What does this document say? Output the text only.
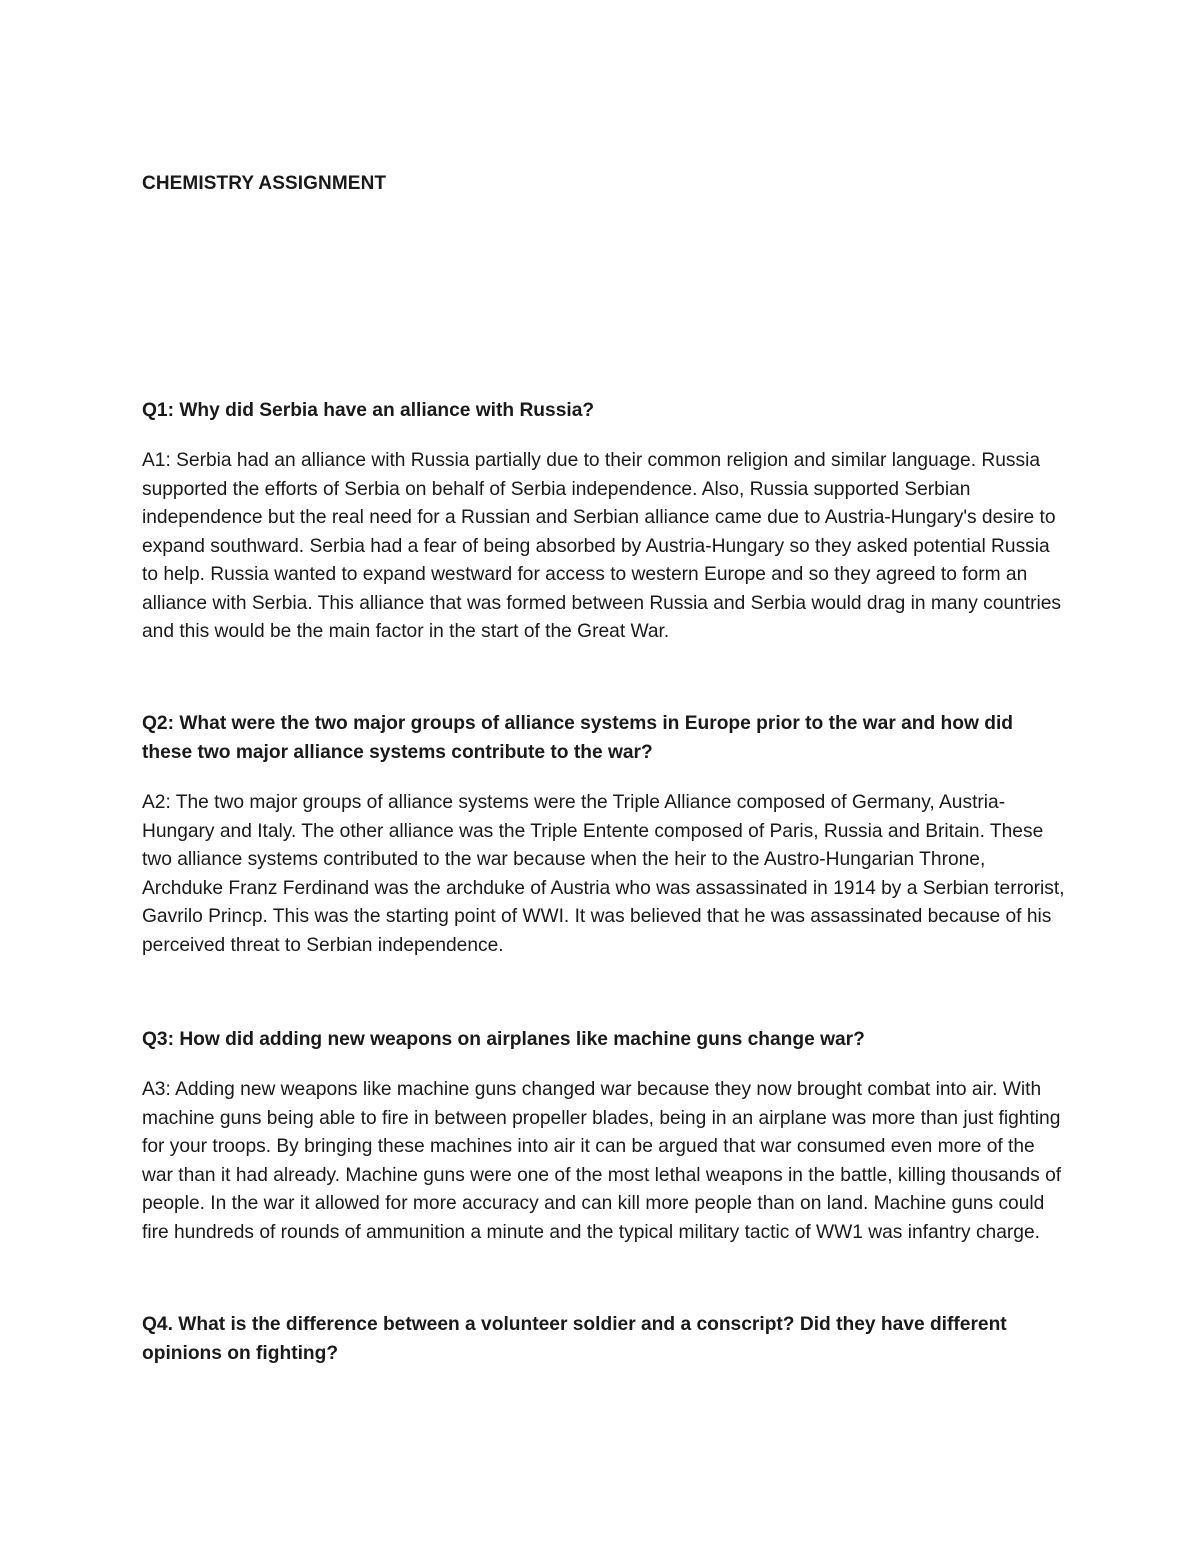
CHEMISTRY ASSIGNMENT

Q1: Why did Serbia have an alliance with Russia?

A1: Serbia had an alliance with Russia partially due to their common religion and similar language. Russia supported the efforts of Serbia on behalf of Serbia independence. Also, Russia supported Serbian independence but the real need for a Russian and Serbian alliance came due to Austria-Hungary's desire to expand southward. Serbia had a fear of being absorbed by Austria-Hungary so they asked potential Russia to help. Russia wanted to expand westward for access to western Europe and so they agreed to form an alliance with Serbia. This alliance that was formed between Russia and Serbia would drag in many countries and this would be the main factor in the start of the Great War.

Q2: What were the two major groups of alliance systems in Europe prior to the war and how did these two major alliance systems contribute to the war?

A2: The two major groups of alliance systems were the Triple Alliance composed of Germany, Austria-Hungary and Italy. The other alliance was the Triple Entente composed of Paris, Russia and Britain. These two alliance systems contributed to the war because when the heir to the Austro-Hungarian Throne, Archduke Franz Ferdinand was the archduke of Austria who was assassinated in 1914 by a Serbian terrorist, Gavrilo Princp. This was the starting point of WWI. It was believed that he was assassinated because of his perceived threat to Serbian independence.

Q3: How did adding new weapons on airplanes like machine guns change war?

A3: Adding new weapons like machine guns changed war because they now brought combat into air. With machine guns being able to fire in between propeller blades, being in an airplane was more than just fighting for your troops. By bringing these machines into air it can be argued that war consumed even more of the war than it had already. Machine guns were one of the most lethal weapons in the battle, killing thousands of people. In the war it allowed for more accuracy and can kill more people than on land. Machine guns could fire hundreds of rounds of ammunition a minute and the typical military tactic of WW1 was infantry charge.

Q4. What is the difference between a volunteer soldier and a conscript? Did they have different opinions on fighting?
